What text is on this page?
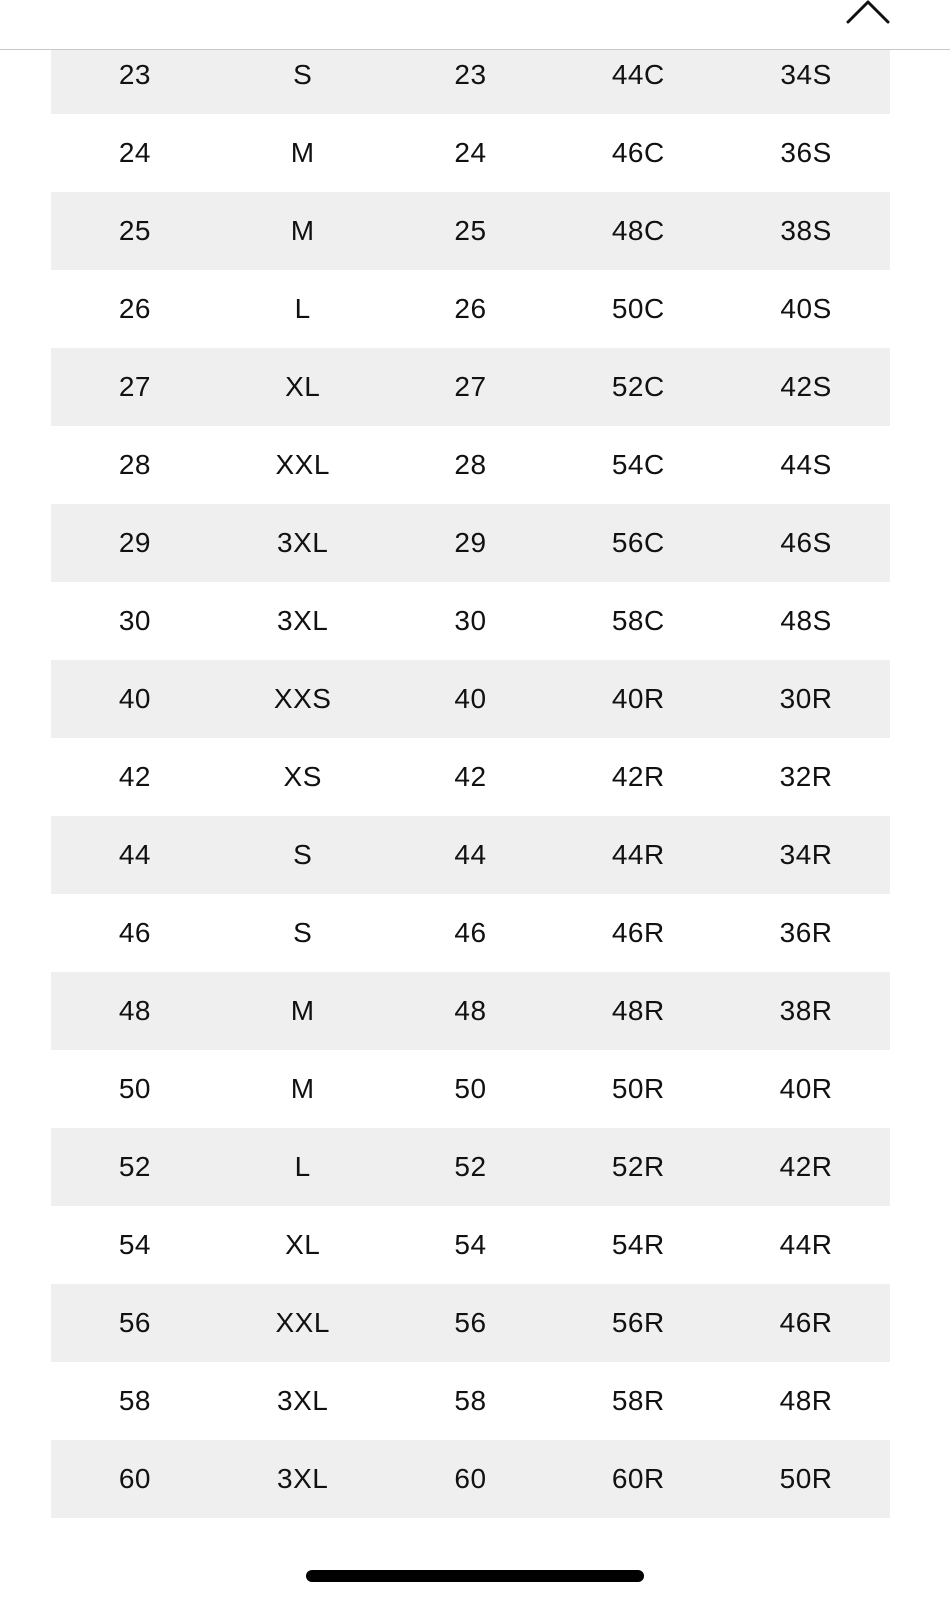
23	S	23	44C	34S
24	M	24	46C	36S
25	M	25	48C	38S
26	L	26	50C	40S
27	XL	27	52C	42S
28	XXL	28	54C	44S
29	3XL	29	56C	46S
30	3XL	30	58C	48S
40	XXS	40	40R	30R
42	XS	42	42R	32R
44	S	44	44R	34R
46	S	46	46R	36R
48	M	48	48R	38R
50	M	50	50R	40R
52	L	52	52R	42R
54	XL	54	54R	44R
56	XXL	56	56R	46R
58	3XL	58	58R	48R
60	3XL	60	60R	50R
